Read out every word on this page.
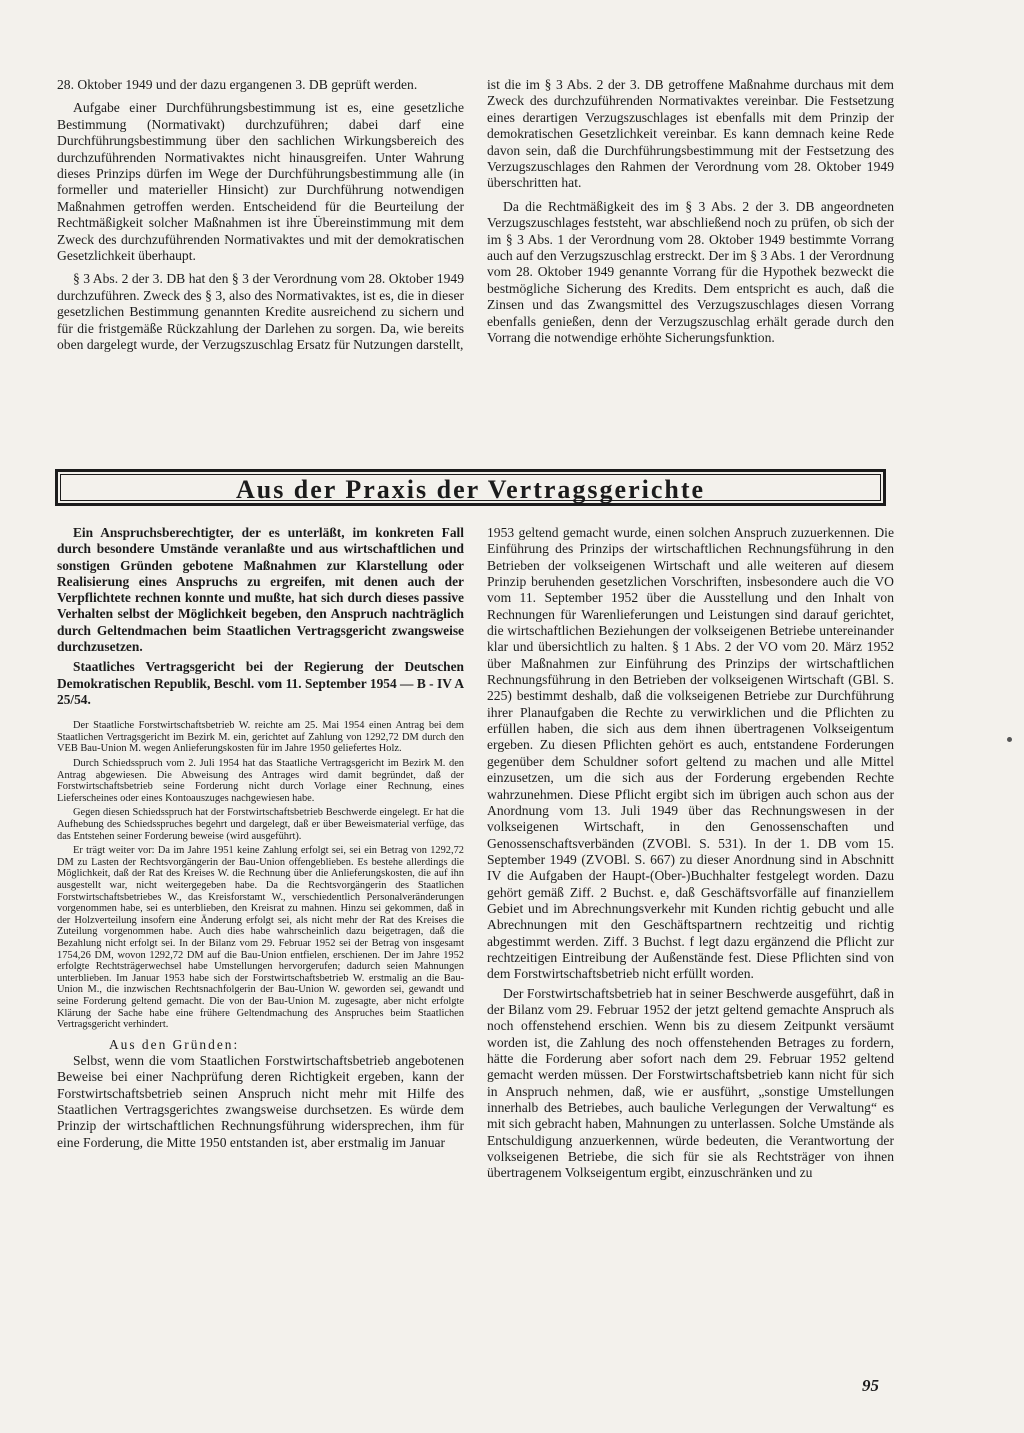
28. Oktober 1949 und der dazu ergangenen 3. DB geprüft werden.

Aufgabe einer Durchführungsbestimmung ist es, eine gesetzliche Bestimmung (Normativakt) durchzuführen; dabei darf eine Durchführungsbestimmung über den sachlichen Wirkungsbereich des durchzuführenden Normativaktes nicht hinausgreifen. Unter Wahrung dieses Prinzips dürfen im Wege der Durchführungsbestimmung alle (in formeller und materieller Hinsicht) zur Durchführung notwendigen Maßnahmen getroffen werden. Entscheidend für die Beurteilung der Rechtmäßigkeit solcher Maßnahmen ist ihre Übereinstimmung mit dem Zweck des durchzuführenden Normativaktes und mit der demokratischen Gesetzlichkeit überhaupt.

§ 3 Abs. 2 der 3. DB hat den § 3 der Verordnung vom 28. Oktober 1949 durchzuführen. Zweck des § 3, also des Normativaktes, ist es, die in dieser gesetzlichen Bestimmung genannten Kredite ausreichend zu sichern und für die fristgemäße Rückzahlung der Darlehen zu sorgen. Da, wie bereits oben dargelegt wurde, der Verzugszuschlag Ersatz für Nutzungen darstellt,

ist die im § 3 Abs. 2 der 3. DB getroffene Maßnahme durchaus mit dem Zweck des durchzuführenden Normativaktes vereinbar. Die Festsetzung eines derartigen Verzugszuschlages ist ebenfalls mit dem Prinzip der demokratischen Gesetzlichkeit vereinbar. Es kann demnach keine Rede davon sein, daß die Durchführungsbestimmung mit der Festsetzung des Verzugszuschlages den Rahmen der Verordnung vom 28. Oktober 1949 überschritten hat.

Da die Rechtmäßigkeit des im § 3 Abs. 2 der 3. DB angeordneten Verzugszuschlages feststeht, war abschließend noch zu prüfen, ob sich der im § 3 Abs. 1 der Verordnung vom 28. Oktober 1949 bestimmte Vorrang auch auf den Verzugszuschlag erstreckt. Der im § 3 Abs. 1 der Verordnung vom 28. Oktober 1949 genannte Vorrang für die Hypothek bezweckt die bestmögliche Sicherung des Kredits. Dem entspricht es auch, daß die Zinsen und das Zwangsmittel des Verzugszuschlages diesen Vorrang ebenfalls genießen, denn der Verzugszuschlag erhält gerade durch den Vorrang die notwendige erhöhte Sicherungsfunktion.

Aus der Praxis der Vertragsgerichte

Ein Anspruchsberechtigter, der es unterläßt, im konkreten Fall durch besondere Umstände veranlaßte und aus wirtschaftlichen und sonstigen Gründen gebotene Maßnahmen zur Klarstellung oder Realisierung eines Anspruchs zu ergreifen, mit denen auch der Verpflichtete rechnen konnte und mußte, hat sich durch dieses passive Verhalten selbst der Möglichkeit begeben, den Anspruch nachträglich durch Geltendmachen beim Staatlichen Vertragsgericht zwangsweise durchzusetzen.

Staatliches Vertragsgericht bei der Regierung der Deutschen Demokratischen Republik, Beschl. vom 11. September 1954 — B - IV A 25/54.

Der Staatliche Forstwirtschaftsbetrieb W. reichte am 25. Mai 1954 einen Antrag bei dem Staatlichen Vertragsgericht im Bezirk M. ein, gerichtet auf Zahlung von 1292,72 DM durch den VEB Bau-Union M. wegen Anlieferungskosten für im Jahre 1950 geliefertes Holz.

Durch Schiedsspruch vom 2. Juli 1954 hat das Staatliche Vertragsgericht im Bezirk M. den Antrag abgewiesen. Die Abweisung des Antrages wird damit begründet, daß der Forstwirtschaftsbetrieb seine Forderung nicht durch Vorlage einer Rechnung, eines Lieferscheines oder eines Kontoauszuges nachgewiesen habe.

Gegen diesen Schiedsspruch hat der Forstwirtschaftsbetrieb Beschwerde eingelegt. Er hat die Aufhebung des Schiedsspruches begehrt und dargelegt, daß er über Beweismaterial verfüge, das das Entstehen seiner Forderung beweise (wird ausgeführt).

Er trägt weiter vor: Da im Jahre 1951 keine Zahlung erfolgt sei, sei ein Betrag von 1292,72 DM zu Lasten der Rechtsvorgängerin der Bau-Union offengeblieben. Es bestehe allerdings die Möglichkeit, daß der Rat des Kreises W. die Rechnung über die Anlieferungskosten, die auf ihn ausgestellt war, nicht weitergegeben habe. Da die Rechtsvorgängerin des Staatlichen Forstwirtschaftsbetriebes W., das Kreisforstamt W., verschiedentlich Personalveränderungen vorgenommen habe, sei es unterblieben, den Kreisrat zu mahnen. Hinzu sei gekommen, daß in der Holzverteilung insofern eine Änderung erfolgt sei, als nicht mehr der Rat des Kreises die Zuteilung vorgenommen habe. Auch dies habe wahrscheinlich dazu beigetragen, daß die Bezahlung nicht erfolgt sei. In der Bilanz vom 29. Februar 1952 sei der Betrag von insgesamt 1754,26 DM, wovon 1292,72 DM auf die Bau-Union entfielen, erschienen. Der im Jahre 1952 erfolgte Rechtsträgerwechsel habe Umstellungen hervorgerufen; dadurch seien Mahnungen unterblieben. Im Januar 1953 habe sich der Forstwirtschaftsbetrieb W. erstmalig an die Bau-Union M., die inzwischen Rechtsnachfolgerin der Bau-Union W. geworden sei, gewandt und seine Forderung geltend gemacht. Die von der Bau-Union M. zugesagte, aber nicht erfolgte Klärung der Sache habe eine frühere Geltendmachung des Anspruches beim Staatlichen Vertragsgericht verhindert.

Aus den Gründen:

Selbst, wenn die vom Staatlichen Forstwirtschaftsbetrieb angebotenen Beweise bei einer Nachprüfung deren Richtigkeit ergeben, kann der Forstwirtschaftsbetrieb seinen Anspruch nicht mehr mit Hilfe des Staatlichen Vertragsgerichtes zwangsweise durchsetzen. Es würde dem Prinzip der wirtschaftlichen Rechnungsführung widersprechen, ihm für eine Forderung, die Mitte 1950 entstanden ist, aber erstmalig im Januar

1953 geltend gemacht wurde, einen solchen Anspruch zuzuerkennen. Die Einführung des Prinzips der wirtschaftlichen Rechnungsführung in den Betrieben der volkseigenen Wirtschaft und alle weiteren auf diesem Prinzip beruhenden gesetzlichen Vorschriften, insbesondere auch die VO vom 11. September 1952 über die Ausstellung und den Inhalt von Rechnungen für Warenlieferungen und Leistungen sind darauf gerichtet, die wirtschaftlichen Beziehungen der volkseigenen Betriebe untereinander klar und übersichtlich zu halten. § 1 Abs. 2 der VO vom 20. März 1952 über Maßnahmen zur Einführung des Prinzips der wirtschaftlichen Rechnungsführung in den Betrieben der volkseigenen Wirtschaft (GBl. S. 225) bestimmt deshalb, daß die volkseigenen Betriebe zur Durchführung ihrer Planaufgaben die Rechte zu verwirklichen und die Pflichten zu erfüllen haben, die sich aus dem ihnen übertragenen Volkseigentum ergeben. Zu diesen Pflichten gehört es auch, entstandene Forderungen gegenüber dem Schuldner sofort geltend zu machen und alle Mittel einzusetzen, um die sich aus der Forderung ergebenden Rechte wahrzunehmen. Diese Pflicht ergibt sich im übrigen auch schon aus der Anordnung vom 13. Juli 1949 über das Rechnungswesen in der volkseigenen Wirtschaft, in den Genossenschaften und Genossenschaftsverbänden (ZVOBl. S. 531). In der 1. DB vom 15. September 1949 (ZVOBl. S. 667) zu dieser Anordnung sind in Abschnitt IV die Aufgaben der Haupt-(Ober-)Buchhalter festgelegt worden. Dazu gehört gemäß Ziff. 2 Buchst. e, daß Geschäftsvorfälle auf finanziellem Gebiet und im Abrechnungsverkehr mit Kunden richtig gebucht und alle Abrechnungen mit den Geschäftspartnern rechtzeitig und richtig abgestimmt werden. Ziff. 3 Buchst. f legt dazu ergänzend die Pflicht zur rechtzeitigen Eintreibung der Außenstände fest. Diese Pflichten sind von dem Forstwirtschaftsbetrieb nicht erfüllt worden.

Der Forstwirtschaftsbetrieb hat in seiner Beschwerde ausgeführt, daß in der Bilanz vom 29. Februar 1952 der jetzt geltend gemachte Anspruch als noch offenstehend erschien. Wenn bis zu diesem Zeitpunkt versäumt worden ist, die Zahlung des noch offenstehenden Betrages zu fordern, hätte die Forderung aber sofort nach dem 29. Februar 1952 geltend gemacht werden müssen. Der Forstwirtschaftsbetrieb kann nicht für sich in Anspruch nehmen, daß, wie er ausführt, „sonstige Umstellungen innerhalb des Betriebes, auch bauliche Verlegungen der Verwaltung“ es mit sich gebracht haben, Mahnungen zu unterlassen. Solche Umstände als Entschuldigung anzuerkennen, würde bedeuten, die Verantwortung der volkseigenen Betriebe, die sich für sie als Rechtsträger von ihnen übertragenem Volkseigentum ergibt, einzuschränken und zu

95
